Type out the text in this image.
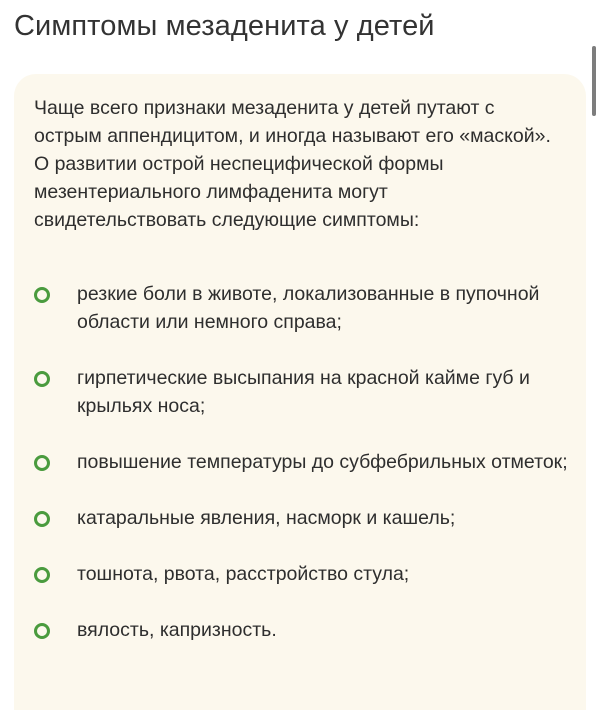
Симптомы мезаденита у детей

Чаще всего признаки мезаденита у детей путают с острым аппендицитом, и иногда называют его «маской». О развитии острой неспецифической формы мезентериального лимфаденита могут свидетельствовать следующие симптомы:

резкие боли в животе, локализованные в пупочной области или немного справа;
гирпетические высыпания на красной кайме губ и крыльях носа;
повышение температуры до субфебрильных отметок;
катаральные явления, насморк и кашель;
тошнота, рвота, расстройство стула;
вялость, капризность.
